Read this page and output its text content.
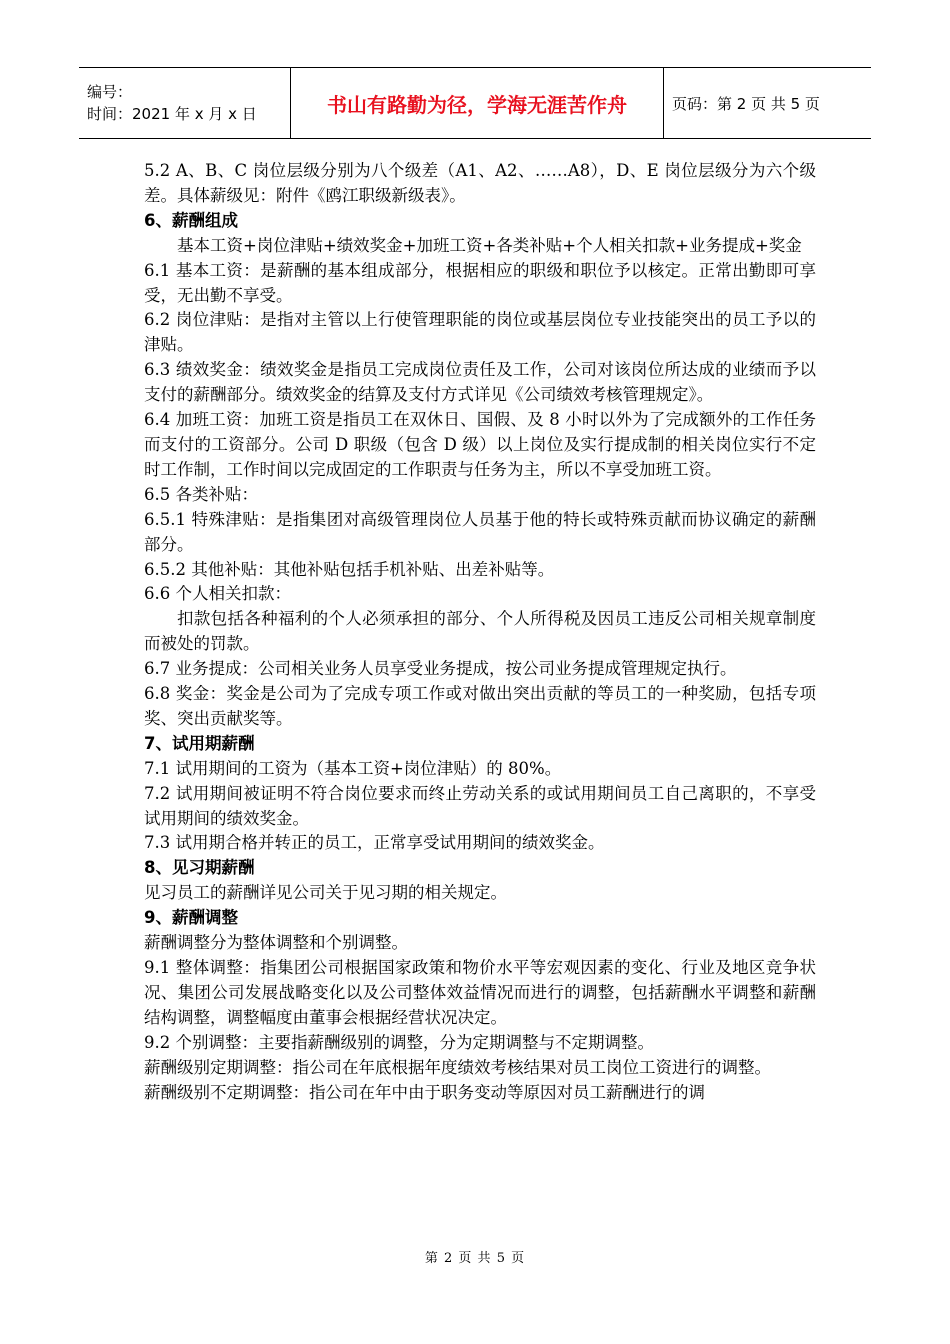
编号：
时间：2021 年 x 月 x 日	书山有路勤为径，学海无涯苦作舟	页码：第 2 页 共 5 页

5.2 A、B、C 岗位层级分别为八个级差（A1、A2、……A8），D、E 岗位层级分为六个级差。具体薪级见：附件《鸥江职级新级表》。

6、薪酬组成

基本工资+岗位津贴+绩效奖金+加班工资+各类补贴+个人相关扣款+业务提成+奖金

6.1 基本工资：是薪酬的基本组成部分，根据相应的职级和职位予以核定。正常出勤即可享受，无出勤不享受。

6.2 岗位津贴：是指对主管以上行使管理职能的岗位或基层岗位专业技能突出的员工予以的津贴。

6.3 绩效奖金：绩效奖金是指员工完成岗位责任及工作，公司对该岗位所达成的业绩而予以支付的薪酬部分。绩效奖金的结算及支付方式详见《公司绩效考核管理规定》。

6.4 加班工资：加班工资是指员工在双休日、国假、及 8 小时以外为了完成额外的工作任务而支付的工资部分。公司 D 职级（包含 D 级）以上岗位及实行提成制的相关岗位实行不定时工作制，工作时间以完成固定的工作职责与任务为主，所以不享受加班工资。

6.5 各类补贴：

6.5.1 特殊津贴：是指集团对高级管理岗位人员基于他的特长或特殊贡献而协议确定的薪酬部分。

6.5.2 其他补贴：其他补贴包括手机补贴、出差补贴等。

6.6 个人相关扣款：

扣款包括各种福利的个人必须承担的部分、个人所得税及因员工违反公司相关规章制度而被处的罚款。

6.7 业务提成：公司相关业务人员享受业务提成，按公司业务提成管理规定执行。

6.8 奖金：奖金是公司为了完成专项工作或对做出突出贡献的等员工的一种奖励，包括专项奖、突出贡献奖等。

7、试用期薪酬

7.1 试用期间的工资为（基本工资+岗位津贴）的 80%。

7.2 试用期间被证明不符合岗位要求而终止劳动关系的或试用期间员工自己离职的，不享受试用期间的绩效奖金。

7.3 试用期合格并转正的员工，正常享受试用期间的绩效奖金。

8、见习期薪酬

见习员工的薪酬详见公司关于见习期的相关规定。

9、薪酬调整

薪酬调整分为整体调整和个别调整。

9.1 整体调整：指集团公司根据国家政策和物价水平等宏观因素的变化、行业及地区竞争状况、集团公司发展战略变化以及公司整体效益情况而进行的调整，包括薪酬水平调整和薪酬结构调整，调整幅度由董事会根据经营状况决定。

9.2 个别调整：主要指薪酬级别的调整，分为定期调整与不定期调整。

薪酬级别定期调整：指公司在年底根据年度绩效考核结果对员工岗位工资进行的调整。

薪酬级别不定期调整：指公司在年中由于职务变动等原因对员工薪酬进行的调

第 2 页 共 5 页
